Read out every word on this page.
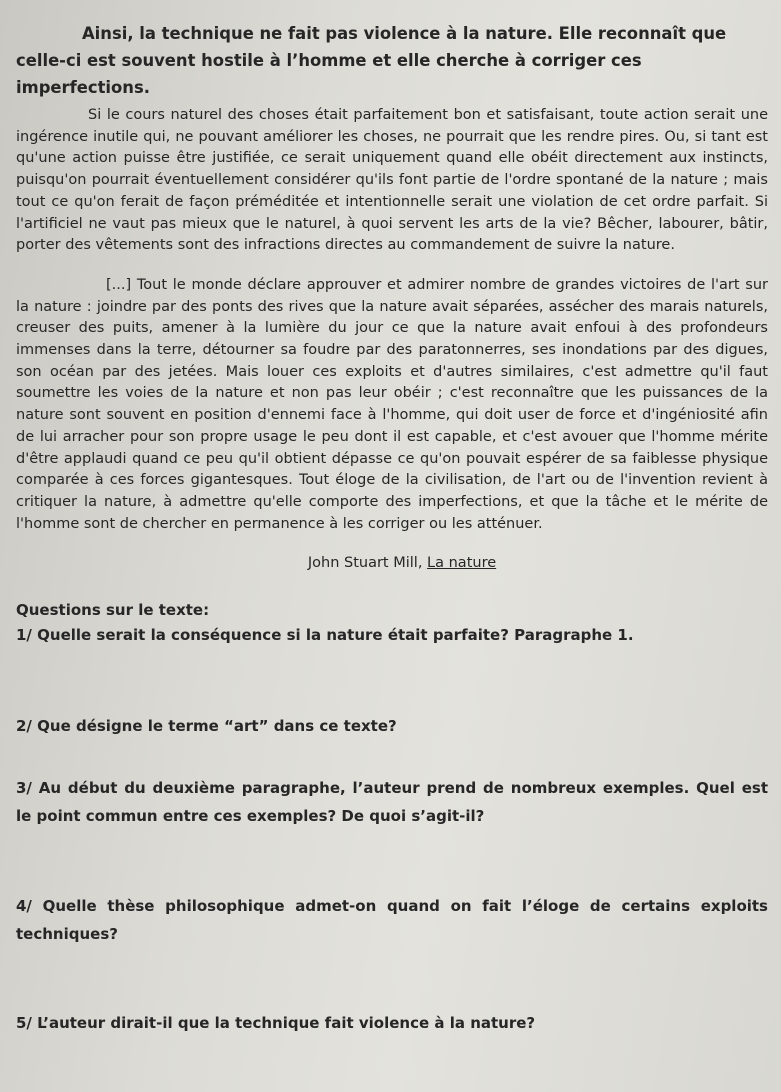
Ainsi, la technique ne fait pas violence à la nature. Elle reconnaît que celle-ci est souvent hostile à l’homme et elle cherche à corriger ces imperfections.

Si le cours naturel des choses était parfaitement bon et satisfaisant, toute action serait une ingérence inutile qui, ne pouvant améliorer les choses, ne pourrait que les rendre pires. Ou, si tant est qu'une action puisse être justifiée, ce serait uniquement quand elle obéit directement aux instincts, puisqu'on pourrait éventuellement considérer qu'ils font partie de l'ordre spontané de la nature ; mais tout ce qu'on ferait de façon préméditée et intentionnelle serait une violation de cet ordre parfait. Si l'artificiel ne vaut pas mieux que le naturel, à quoi servent les arts de la vie? Bêcher, labourer, bâtir, porter des vêtements sont des infractions directes au commandement de suivre la nature.

[...] Tout le monde déclare approuver et admirer nombre de grandes victoires de l'art sur la nature : joindre par des ponts des rives que la nature avait séparées, assécher des marais naturels, creuser des puits, amener à la lumière du jour ce que la nature avait enfoui à des profondeurs immenses dans la terre, détourner sa foudre par des paratonnerres, ses inondations par des digues, son océan par des jetées. Mais louer ces exploits et d'autres similaires, c'est admettre qu'il faut soumettre les voies de la nature et non pas leur obéir ; c'est reconnaître que les puissances de la nature sont souvent en position d'ennemi face à l'homme, qui doit user de force et d'ingéniosité afin de lui arracher pour son propre usage le peu dont il est capable, et c'est avouer que l'homme mérite d'être applaudi quand ce peu qu'il obtient dépasse ce qu'on pouvait espérer de sa faiblesse physique comparée à ces forces gigantesques. Tout éloge de la civilisation, de l'art ou de l'invention revient à critiquer la nature, à admettre qu'elle comporte des imperfections, et que la tâche et le mérite de l'homme sont de chercher en permanence à les corriger ou les atténuer.

John Stuart Mill, La nature

Questions sur le texte:

1/ Quelle serait la conséquence si la nature était parfaite? Paragraphe 1.

2/ Que désigne le terme “art” dans ce texte?

3/ Au début du deuxième paragraphe, l’auteur prend de nombreux exemples. Quel est le point commun entre ces exemples? De quoi s’agit-il?

4/ Quelle thèse philosophique admet-on quand on fait l’éloge de certains exploits techniques?

5/ L’auteur dirait-il que la technique fait violence à la nature?
